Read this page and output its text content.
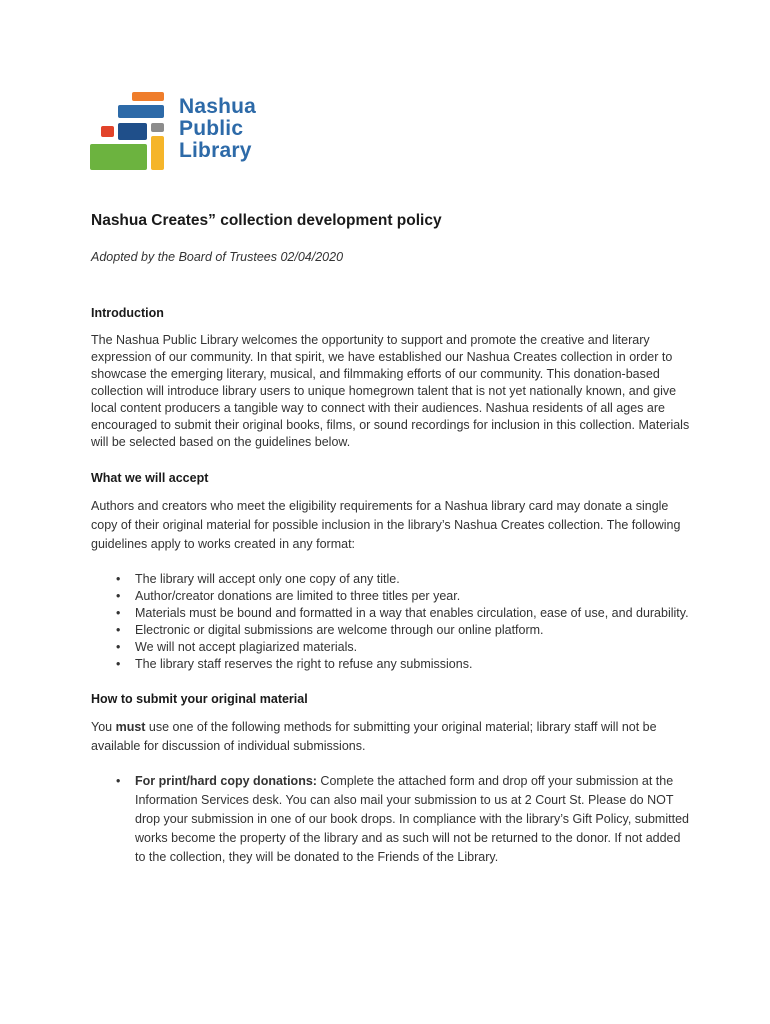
Nashua
Public
Library
Nashua Creates” collection development policy

Adopted by the Board of Trustees 02/04/2020

Introduction

The Nashua Public Library welcomes the opportunity to support and promote the creative and literary expression of our community. In that spirit, we have established our Nashua Creates collection in order to showcase the emerging literary, musical, and filmmaking efforts of our community. This donation-based collection will introduce library users to unique homegrown talent that is not yet nationally known, and give local content producers a tangible way to connect with their audiences. Nashua residents of all ages are encouraged to submit their original books, films, or sound recordings for inclusion in this collection. Materials will be selected based on the guidelines below.

What we will accept

Authors and creators who meet the eligibility requirements for a Nashua library card may donate a single copy of their original material for possible inclusion in the library’s Nashua Creates collection. The following guidelines apply to works created in any format:

• The library will accept only one copy of any title.
• Author/creator donations are limited to three titles per year.
• Materials must be bound and formatted in a way that enables circulation, ease of use, and durability.
• Electronic or digital submissions are welcome through our online platform.
• We will not accept plagiarized materials.
• The library staff reserves the right to refuse any submissions.
How to submit your original material

You must use one of the following methods for submitting your original material; library staff will not be available for discussion of individual submissions.

• For print/hard copy donations: Complete the attached form and drop off your submission at the Information Services desk. You can also mail your submission to us at 2 Court St. Please do NOT drop your submission in one of our book drops. In compliance with the library’s Gift Policy, submitted works become the property of the library and as such will not be returned to the donor. If not added to the collection, they will be donated to the Friends of the Library.
